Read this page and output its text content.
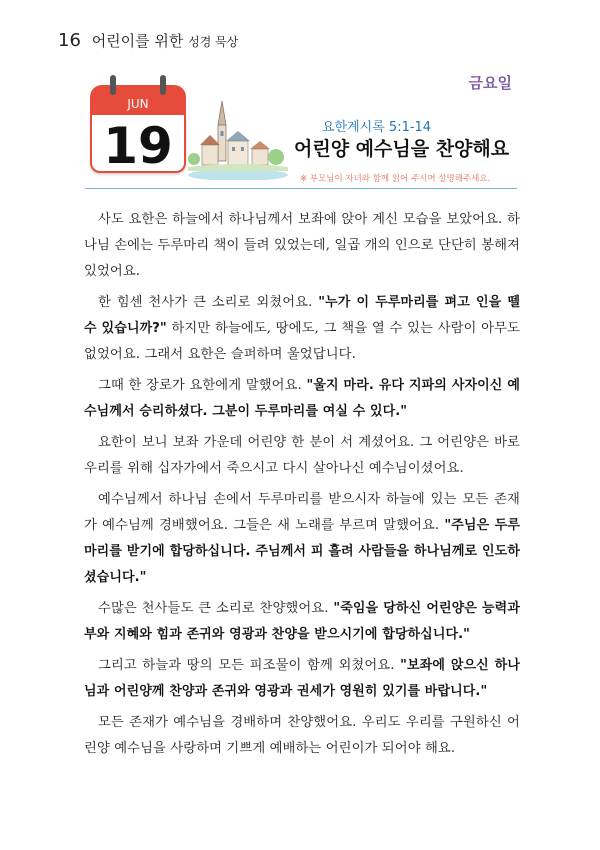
16 어린이를 위한 성경 묵상
금요일
JUN
19	요한계시록 5:1-14
어린양 예수님을 찬양해요
※ 부모님이 자녀와 함께 읽어 주시며 설명해주세요.

사도 요한은 하늘에서 하나님께서 보좌에 앉아 계신 모습을 보았어요. 하나님 손에는 두루마리 책이 들려 있었는데, 일곱 개의 인으로 단단히 봉해져 있었어요.

한 힘센 천사가 큰 소리로 외쳤어요. "누가 이 두루마리를 펴고 인을 뗄 수 있습니까?" 하지만 하늘에도, 땅에도, 그 책을 열 수 있는 사람이 아무도 없었어요. 그래서 요한은 슬퍼하며 울었답니다.

그때 한 장로가 요한에게 말했어요. "울지 마라. 유다 지파의 사자이신 예수님께서 승리하셨다. 그분이 두루마리를 여실 수 있다."

요한이 보니 보좌 가운데 어린양 한 분이 서 계셨어요. 그 어린양은 바로 우리를 위해 십자가에서 죽으시고 다시 살아나신 예수님이셨어요.

예수님께서 하나님 손에서 두루마리를 받으시자 하늘에 있는 모든 존재가 예수님께 경배했어요. 그들은 새 노래를 부르며 말했어요. "주님은 두루마리를 받기에 합당하십니다. 주님께서 피 흘려 사람들을 하나님께로 인도하셨습니다."

수많은 천사들도 큰 소리로 찬양했어요. "죽임을 당하신 어린양은 능력과 부와 지혜와 힘과 존귀와 영광과 찬양을 받으시기에 합당하십니다."

그리고 하늘과 땅의 모든 피조물이 함께 외쳤어요. "보좌에 앉으신 하나님과 어린양께 찬양과 존귀와 영광과 권세가 영원히 있기를 바랍니다."

모든 존재가 예수님을 경배하며 찬양했어요. 우리도 우리를 구원하신 어린양 예수님을 사랑하며 기쁘게 예배하는 어린이가 되어야 해요.
